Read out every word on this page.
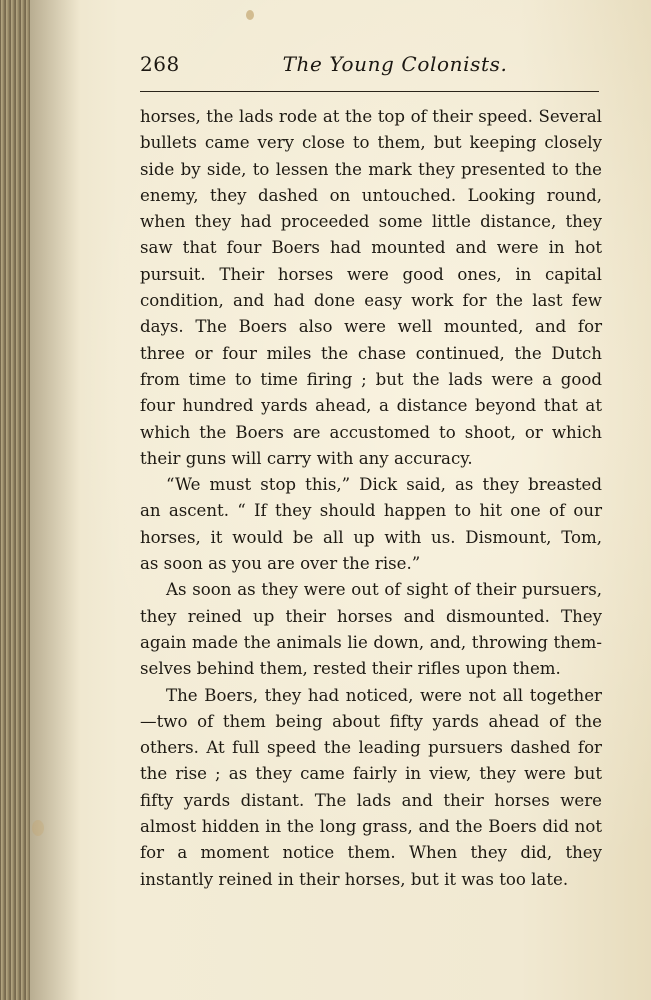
268	The Young Colonists.

horses, the lads rode at the top of their speed. Several

bullets came very close to them, but keeping closely

side by side, to lessen the mark they presented to the

enemy, they dashed on untouched. Looking round,

when they had proceeded some little distance, they

saw that four Boers had mounted and were in hot

pursuit. Their horses were good ones, in capital

condition, and had done easy work for the last few

days. The Boers also were well mounted, and for

three or four miles the chase continued, the Dutch

from time to time firing ; but the lads were a good

four hundred yards ahead, a distance beyond that at

which the Boers are accustomed to shoot, or which

their guns will carry with any accuracy.

“We must stop this,” Dick said, as they breasted

an ascent. “ If they should happen to hit one of our

horses, it would be all up with us. Dismount, Tom,

as soon as you are over the rise.”

As soon as they were out of sight of their pursuers,

they reined up their horses and dismounted. They

again made the animals lie down, and, throwing them-

selves behind them, rested their rifles upon them.

The Boers, they had noticed, were not all together

—two of them being about fifty yards ahead of the

others. At full speed the leading pursuers dashed for

the rise ; as they came fairly in view, they were but

fifty yards distant. The lads and their horses were

almost hidden in the long grass, and the Boers did not

for a moment notice them. When they did, they

instantly reined in their horses, but it was too late.
